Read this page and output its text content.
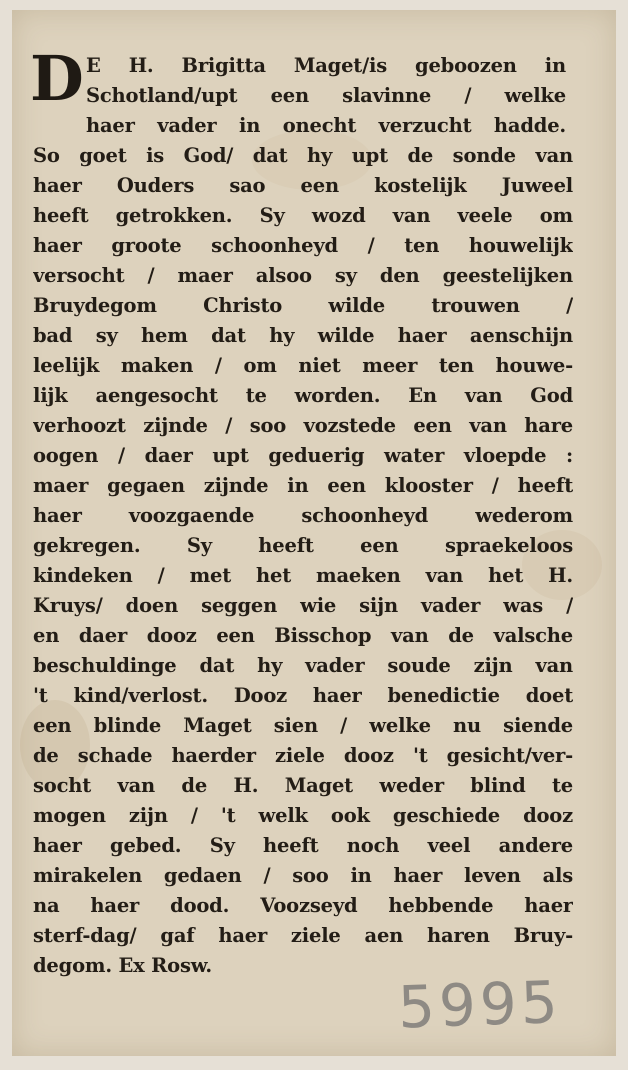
D E H. Brigitta Maget/is geboozen in

Schotland/upt een slavinne / welke

haer vader in onecht verzucht hadde.

So goet is God/ dat hy upt de sonde van

haer Ouders sao een kostelijk Juweel

heeft getrokken. Sy wozd van veele om

haer groote schoonheyd / ten houwelijk

versocht / maer alsoo sy den geestelijken

Bruydegom Christo wilde trouwen /

bad sy hem dat hy wilde haer aenschijn

leelijk maken / om niet meer ten houwe-

lijk aengesocht te worden. En van God

verhoozt zijnde / soo vozstede een van hare

oogen / daer upt geduerig water vloepde :

maer gegaen zijnde in een klooster / heeft

haer voozgaende schoonheyd wederom

gekregen. Sy heeft een spraekeloos

kindeken / met het maeken van het H.

Kruys/ doen seggen wie sijn vader was /

en daer dooz een Bisschop van de valsche

beschuldinge dat hy vader soude zijn van

't kind/verlost. Dooz haer benedictie doet

een blinde Maget sien / welke nu siende

de schade haerder ziele dooz 't gesicht/ver-

socht van de H. Maget weder blind te

mogen zijn / 't welk ook geschiede dooz

haer gebed. Sy heeft noch veel andere

mirakelen gedaen / soo in haer leven als

na haer dood. Voozseyd hebbende haer

sterf-dag/ gaf haer ziele aen haren Bruy-

degom. Ex Rosw.

5995
